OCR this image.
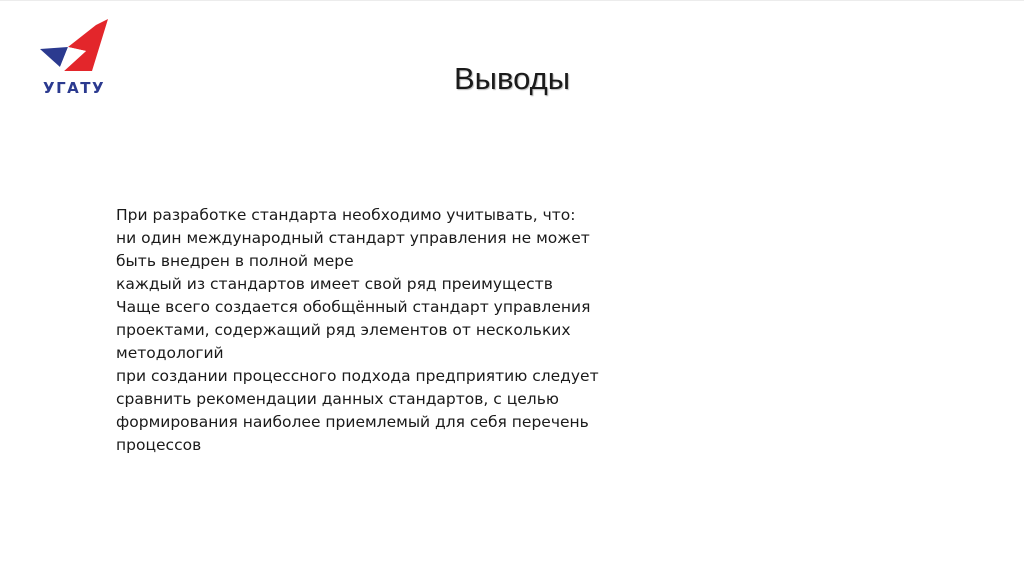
УГАТУ	Выводы

При разработке стандарта необходимо учитывать, что:

ни один международный стандарт управления не может быть внедрен в полной мере

каждый из стандартов имеет свой ряд преимуществ

Чаще всего создается обобщённый стандарт управления проектами, содержащий ряд элементов от нескольких методологий

при создании процессного подхода предприятию следует сравнить рекомендации данных стандартов, с целью формирования наиболее приемлемый для себя перечень процессов
